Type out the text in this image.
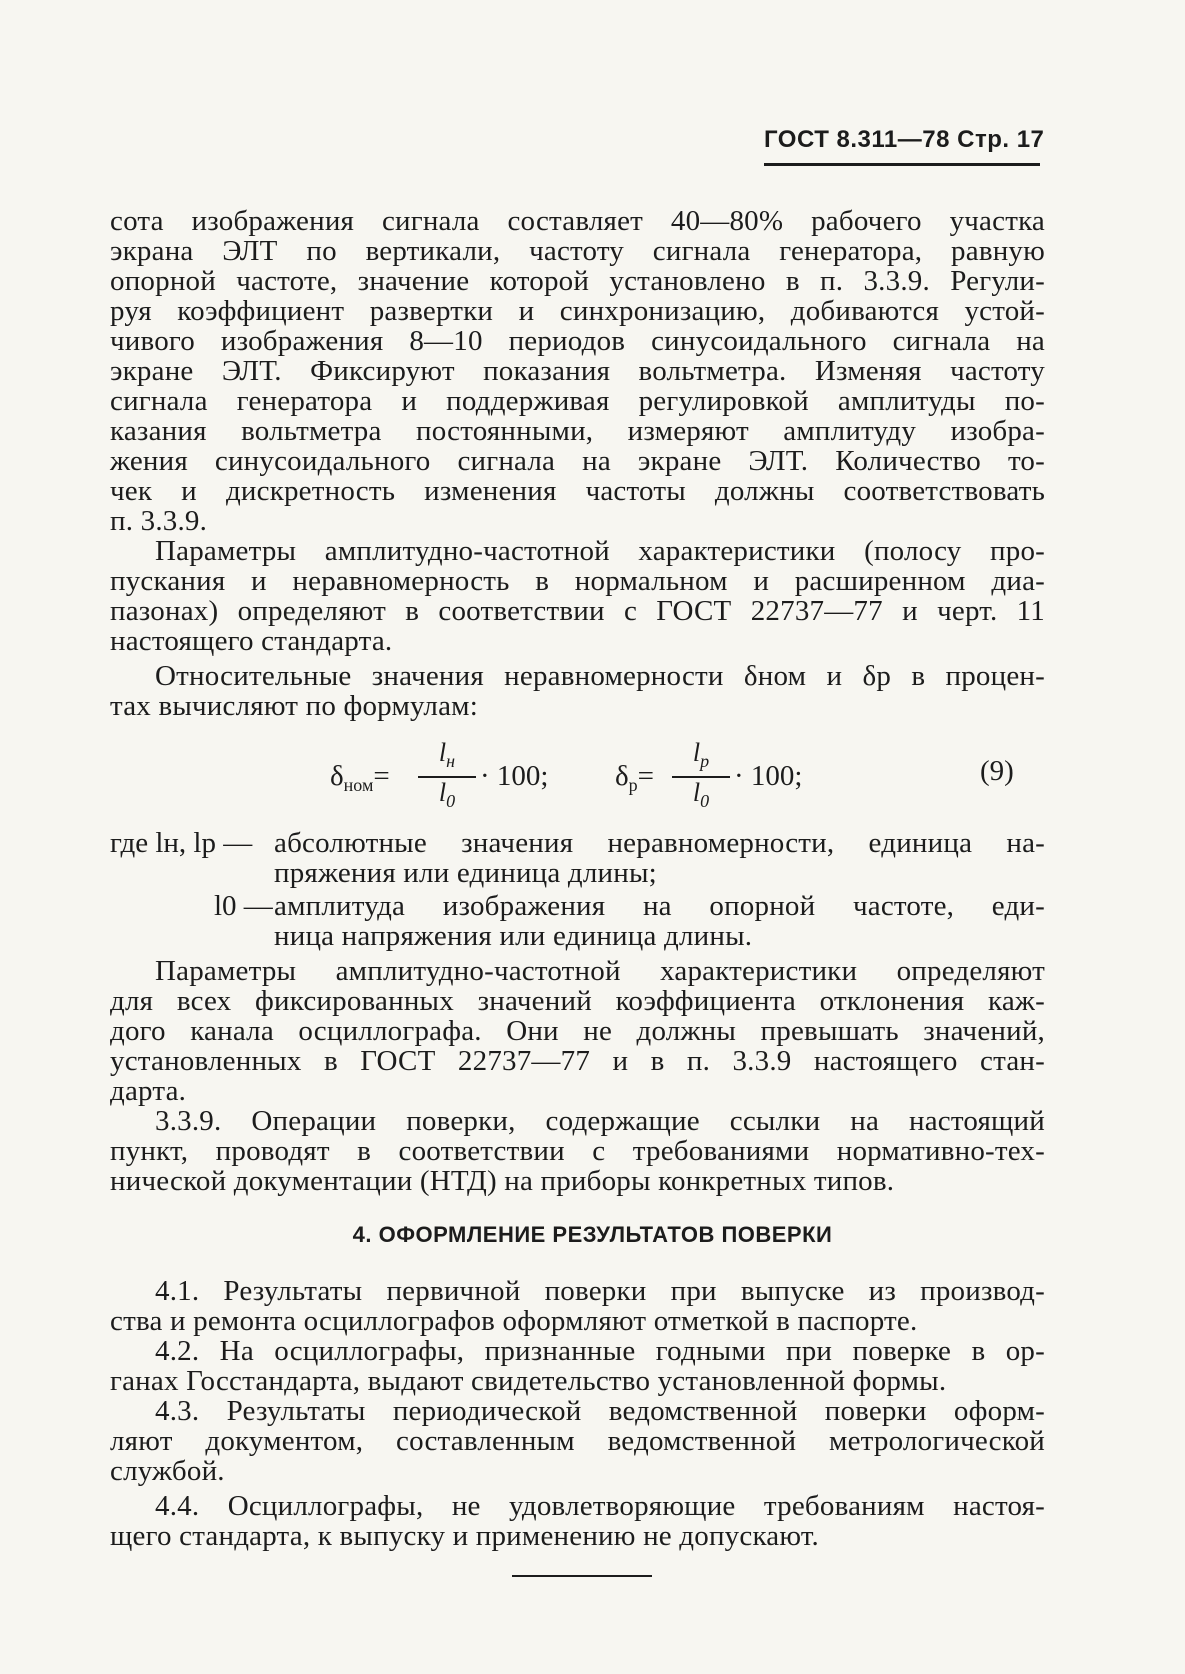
ГОСТ 8.311—78 Стр. 17
сота изображения сигнала составляет 40—80% рабочего участка
экрана ЭЛТ по вертикали, частоту сигнала генератора, равную
опорной частоте, значение которой установлено в п. 3.3.9. Регули-
руя коэффициент развертки и синхронизацию, добиваются устой-
чивого изображения 8—10 периодов синусоидального сигнала на
экране ЭЛТ. Фиксируют показания вольтметра. Изменяя частоту
сигнала генератора и поддерживая регулировкой амплитуды по-
казания вольтметра постоянными, измеряют амплитуду изобра-
жения синусоидального сигнала на экране ЭЛТ. Количество то-
чек и дискретность изменения частоты должны соответствовать
п. 3.3.9.
Параметры амплитудно-частотной характеристики (полосу про-
пускания и неравномерность в нормальном и расширенном диа-
пазонах) определяют в соответствии с ГОСТ 22737—77 и черт. 11
настоящего стандарта.
Относительные значения неравномерности δном и δр в процен-
тах вычисляют по формулам:
$\delta_{ном}=$
$l_н$
$l_0$
· 100; $\delta_р=$
$l_р$
$l_0$
· 100;	(9)
где lн, lр — абсолютные значения неравномерности, единица на-
пряжения или единица длины;
l0 — амплитуда изображения на опорной частоте, еди-
ница напряжения или единица длины.
Параметры амплитудно-частотной характеристики определяют
для всех фиксированных значений коэффициента отклонения каж-
дого канала осциллографа. Они не должны превышать значений,
установленных в ГОСТ 22737—77 и в п. 3.3.9 настоящего стан-
дарта.
3.3.9. Операции поверки, содержащие ссылки на настоящий
пункт, проводят в соответствии с требованиями нормативно-тех-
нической документации (НТД) на приборы конкретных типов.
4. ОФОРМЛЕНИЕ РЕЗУЛЬТАТОВ ПОВЕРКИ
4.1. Результаты первичной поверки при выпуске из производ-
ства и ремонта осциллографов оформляют отметкой в паспорте.
4.2. На осциллографы, признанные годными при поверке в ор-
ганах Госстандарта, выдают свидетельство установленной формы.
4.3. Результаты периодической ведомственной поверки оформ-
ляют документом, составленным ведомственной метрологической
службой.
4.4. Осциллографы, не удовлетворяющие требованиям настоя-
щего стандарта, к выпуску и применению не допускают.
